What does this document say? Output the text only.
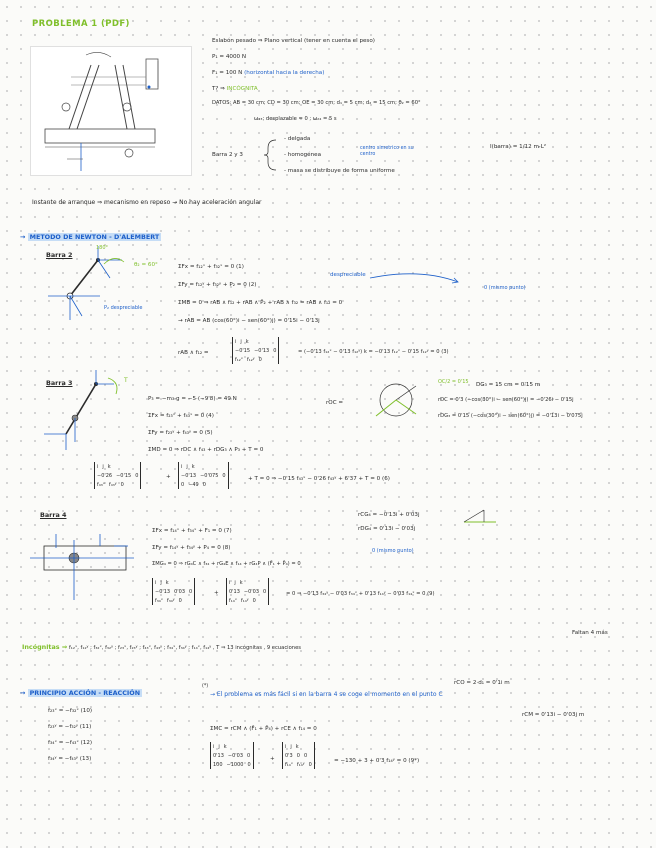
PROBLEMA 1 (PDF)
Eslabón pesado ⇒ Plano vertical (tener en cuenta el peso)
P₁ = 4000 N
F₁ = 100 N (horizontal hacia la derecha)
T? ⇒ INCÓGNITA
DATOS: AB = 30 cm; CD = 30 cm; OE = 30 cm; d₁ = 5 cm; d₂ = 15 cm; θ₂ = 60°
ω₂₃; desplazable = 0 ; ω₂₄ = 5 s
Barra 2 y 3
- delgada
- homogénea
- masa se distribuye de forma uniforme
centro simetrico en su centro
I(barra) = 1/12 m·L²
Instante de arranque ⇒ mecanismo en reposo → No hay aceleración angular
→ METODO DE NEWTON - D'ALEMBERT
Barra 2
θ₂ = 60°
180°
P₂ despreciable
ΣFx = f₁₂ˣ + f₃₂ˣ = 0 (1)
ΣFy = f₁₂ʸ + f₃₂ʸ + P₂ = 0 (2)
despreciable
0 (mismo punto)
ΣMB = 0 ⇒ rAB ∧ f₁₂ + rAB ∧ P̄₂ + rAB ∧ f₃₂ = rAB ∧ f₁₂ = 0
→ rAB = AB (cos(60°)i − sen(60°)j) = 0'15i − 0'13j
rAB ∧ f₁₂ =
i j k
−0'15 −0'13 0
f₁₂ˣ f₁₂ʸ 0
= (−0'13 f₁₂ˣ − 0'13 f₁₂ʸ) k = −0'13 f₁₂ˣ − 0'15 f₁₂ʸ = 0 (3)
Barra 3	T
P₃ = −m₃·g = −5·(−9'8) = 49 N
ΣFx = f₂₃ˣ + f₄₃ˣ = 0 (4)
ΣFy = f₂₃ʸ + f₄₃ʸ = 0 (5)
ΣMD = 0 ⇒ rDC ∧ f₄₃ + rDG₃ ∧ P₃ + T = 0
rOC =
OC/2 = 0'15 DG₃ = 15 cm = 0'15 m
rDC = 0'3 (−cos(30°)i − sen(60°)j) = −0'26i − 0'15j
rDG₃ = 0'15 (−cos(30°)i − sen(60°)j) = −0'13i − 0'075j
i j k
−0'26 −0'15 0
f₄₃ˣ f₄₃ʸ 0
+
i j k
−0'13 −0'075 0
0 −49 0
+ T = 0 ⇒ −0'15 f₄₃ˣ − 0'26 f₄₃ʸ + 6'37 + T = 0 (6)
Barra 4
ΣFx = f₁₄ˣ + f₃₄ˣ + F₁ = 0 (7)
ΣFy = f₁₄ʸ + f₃₄ʸ + P₄ = 0 (8)
ΣMG₄ = 0 ⇒ rG₄C ∧ f₃₄ + rG₄E ∧ f₁₄ + rG₄P ∧ (F̄₁ + P̄₄) = 0
0 (mismo punto)
rCG₄ = −0'13i + 0'03j
rDG₄ = 0'13i − 0'03j
i j k
−0'13 0'03 0
f₃₄ˣ f₃₄ʸ 0
+
i j k
0'13 −0'03 0
f₁₄ˣ f₁₄ʸ 0
= 0 ⇒ −0'13 f₃₄ʸ − 0'03 f₃₄ˣ + 0'13 f₁₄ʸ − 0'03 f₁₄ˣ = 0 (9)
Incógnitas ⇒ f₁₂ˣ, f₁₂ʸ ; f₃₂ˣ, f₃₂ʸ ; f₂₃ˣ, f₂₃ʸ ; f₄₃ˣ, f₄₃ʸ ; f₃₄ˣ, f₃₄ʸ ; f₁₄ˣ, f₁₄ʸ , T ⇒ 13 incógnitas , 9 ecuaciones
Faltan 4 más
→ PRINCIPIO ACCIÓN - REACCIÓN
f₂₃ˣ = −f₃₂ˣ (10)
f₂₃ʸ = −f₃₂ʸ (11)
f₃₄ˣ = −f₄₃ˣ (12)
f₃₄ʸ = −f₄₃ʸ (13)
rCO = 2·d₁ = 0'1i m
(*)
→ El problema es más fácil si en la barra 4 se coge el momento en el punto C
rCM = 0'13i − 0'03j m
ΣMC = rCM ∧ (F̄₁ + P̄₄) + rCE ∧ f₁₄ = 0
i j k
0'13 −0'03 0
100 −1000 0
+
i j k
0'3 0 0
f₁₄ˣ f₁₄ʸ 0
= −130 + 3 + 0'3 f₁₄ʸ = 0 (9*)
